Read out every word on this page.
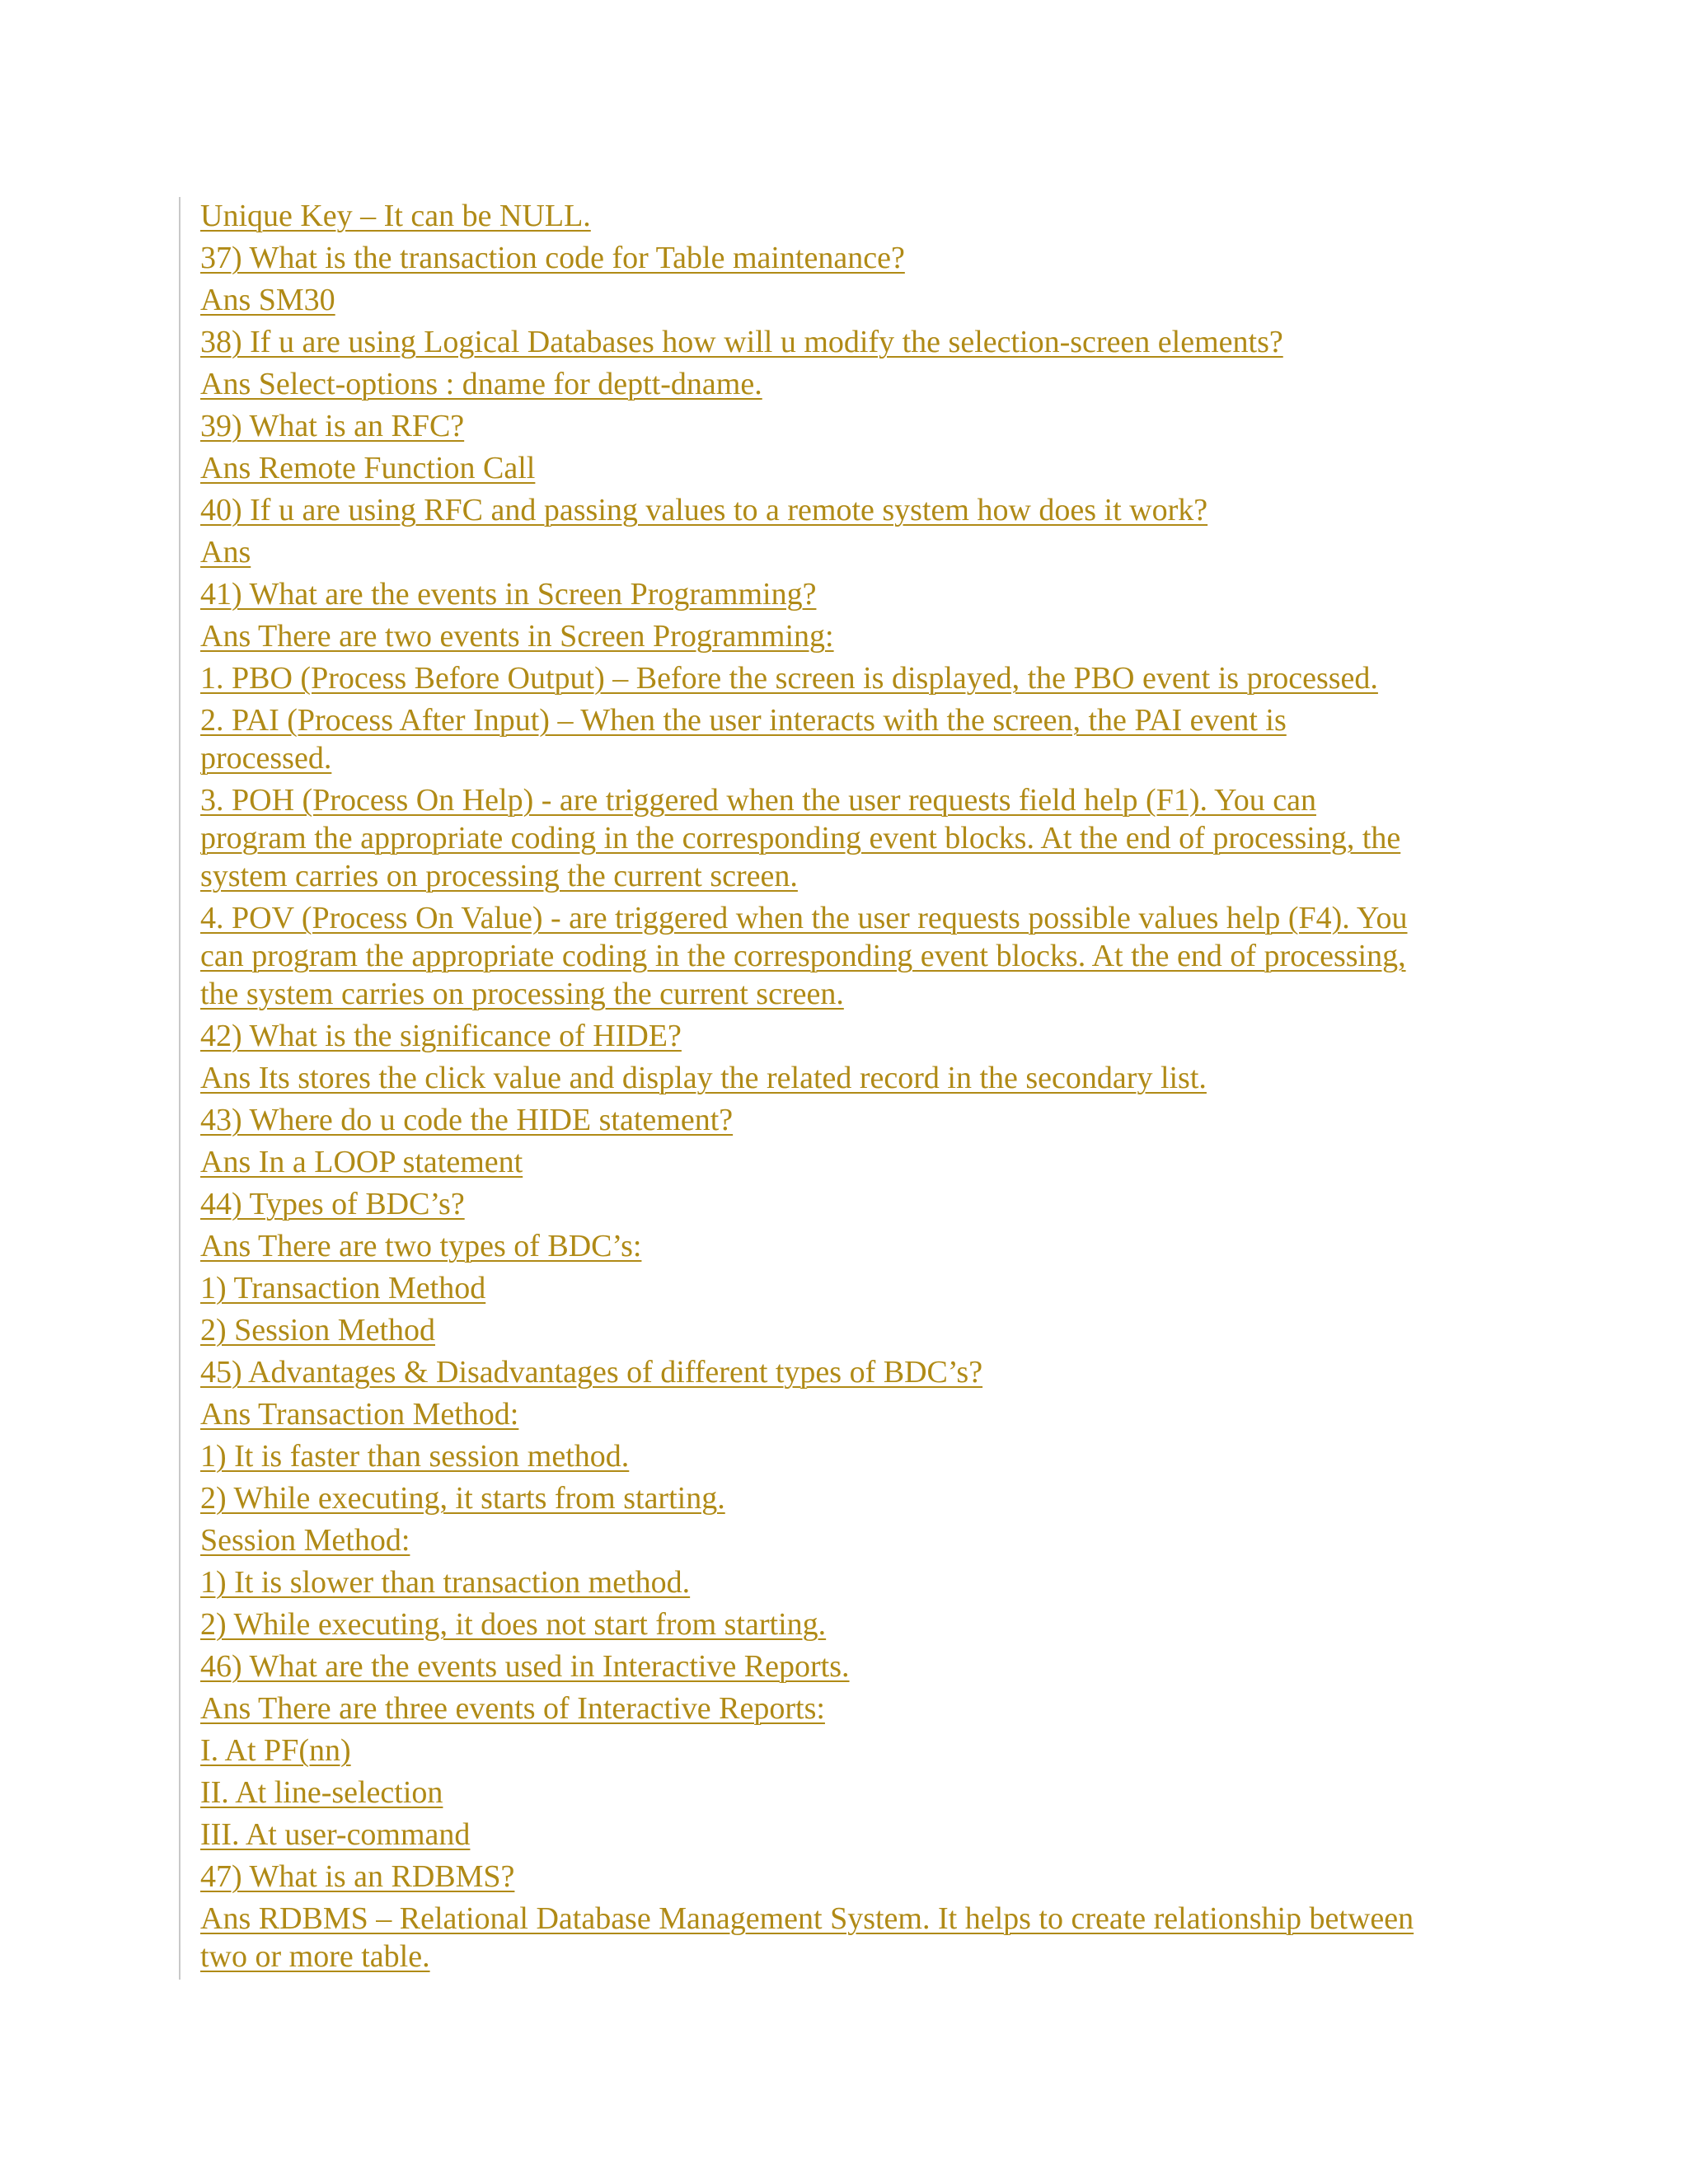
Unique Key – It can be NULL.
37) What is the transaction code for Table maintenance?
Ans SM30
38) If u are using Logical Databases how will u modify the selection-screen elements?
Ans Select-options : dname for deptt-dname.
39) What is an RFC?
Ans Remote Function Call
40) If u are using RFC and passing values to a remote system how does it work?
Ans
41) What are the events in Screen Programming?
Ans There are two events in Screen Programming:
1. PBO (Process Before Output) – Before the screen is displayed, the PBO event is processed.
2. PAI (Process After Input) – When the user interacts with the screen, the PAI event is
processed.
3. POH (Process On Help) - are triggered when the user requests field help (F1). You can
program the appropriate coding in the corresponding event blocks. At the end of processing, the
system carries on processing the current screen.
4. POV (Process On Value) - are triggered when the user requests possible values help (F4). You
can program the appropriate coding in the corresponding event blocks. At the end of processing,
the system carries on processing the current screen.
42) What is the significance of HIDE?
Ans Its stores the click value and display the related record in the secondary list.
43) Where do u code the HIDE statement?
Ans In a LOOP statement
44) Types of BDC’s?
Ans There are two types of BDC’s:
1) Transaction Method
2) Session Method
45) Advantages & Disadvantages of different types of BDC’s?
Ans Transaction Method:
1) It is faster than session method.
2) While executing, it starts from starting.
Session Method:
1) It is slower than transaction method.
2) While executing, it does not start from starting.
46) What are the events used in Interactive Reports.
Ans There are three events of Interactive Reports:
I. At PF(nn)
II. At line-selection
III. At user-command
47) What is an RDBMS?
Ans RDBMS – Relational Database Management System. It helps to create relationship between
two or more table.
